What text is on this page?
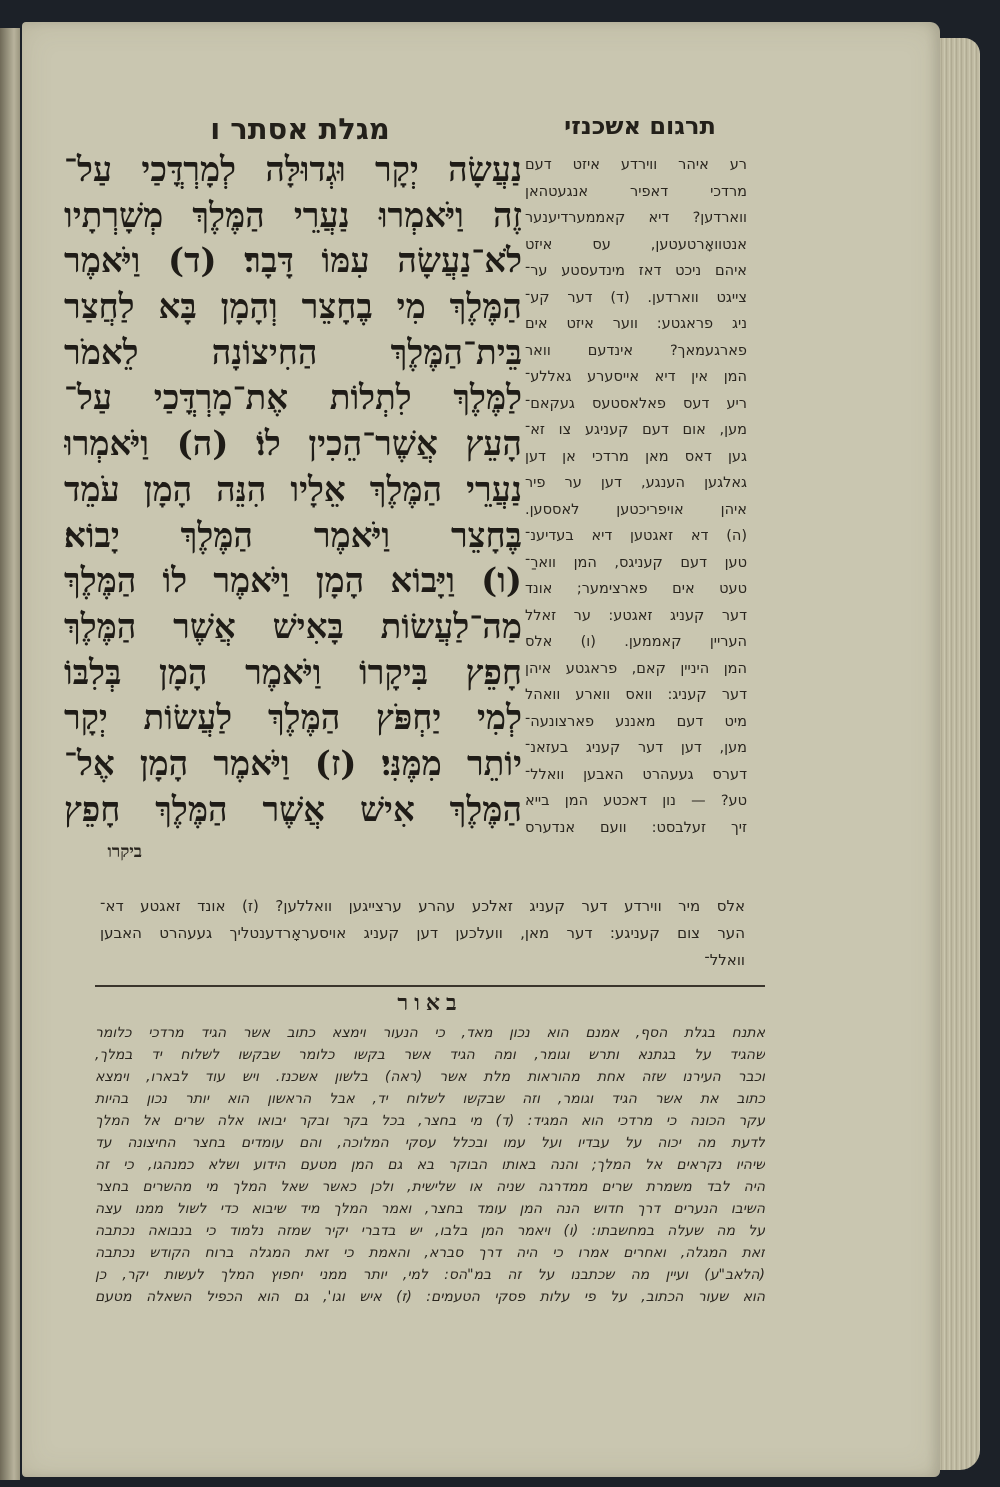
מגלת אסתר ו	תרגום אשכנזי
נַעֲשָׂה יְקָר וּגְדוּלָּה לְמָרְדֳּכַי עַל־
זֶה וַיֹּאמְרוּ נַעֲרֵי הַמֶּלֶךְ מְשָׁרְתָיו
לֹא־נַעֲשָׂה עִמּוֹ דָּבָר׃ (ד) וַיֹּאמֶר
הַמֶּלֶךְ מִי בֶחָצֵר וְהָמָן בָּא לַחֲצַר
בֵּית־הַמֶּלֶךְ הַחִיצוֹנָה לֵאמֹר
לַמֶּלֶךְ לִתְלוֹת אֶת־מָרְדֳּכַי עַל־
הָעֵץ אֲשֶׁר־הֵכִין לוֹ׃ (ה) וַיֹּאמְרוּ
נַעֲרֵי הַמֶּלֶךְ אֵלָיו הִנֵּה הָמָן עֹמֵד
בֶּחָצֵר וַיֹּאמֶר הַמֶּלֶךְ יָבוֹא׃
(ו) וַיָּבוֹא הָמָן וַיֹּאמֶר לוֹ הַמֶּלֶךְ
מַה־לַעֲשׂוֹת בָּאִישׁ אֲשֶׁר הַמֶּלֶךְ
חָפֵץ בִּיקָרוֹ וַיֹּאמֶר הָמָן בְּלִבּוֹ
לְמִי יַחְפֹּץ הַמֶּלֶךְ לַעֲשׂוֹת יְקָר
יוֹתֵר מִמֶּנִּי׃ (ז) וַיֹּאמֶר הָמָן אֶל־
הַמֶּלֶךְ אִישׁ אֲשֶׁר הַמֶּלֶךְ חָפֵץ
ביקרו
רע איהר ווירדע איזט דעם
מרדכי דאפיר אנגעטהאן
ווארדען? דיא קאממערדיענער
אנטוואָרטעטען, עס איזט
איהם ניכט דאז מינדעסטע ער־
צייגט ווארדען. (ד) דער קע־
ניג פראגטע: ווער איזט אים
פארגעמאך? אינדעם וואר
המן אין דיא אייסערע גאללע־
ריע דעס פאלאסטעס געקאם־
מען, אום דעם קעניגע צו זא־
גען דאס מאן מרדכי אן דען
גאלגען הענגע, דען ער פיר
איהן אויפריכטען לאססען.
(ה) דא זאגטען דיא בעדיענ־
טען דעם קעניגס, המן ווארַ־
טעט אים פארצימער; אונד
דער קעניג זאגטע: ער זאלל
העריין קאממען. (ו) אלס
המן היניין קאם, פראגטע איהן
דער קעניג: וואס ווארע וואהל
מיט דעם מאננע פארצונעה־
מען, דען דער קעניג בעזאנ־
דערס געעהרט האבען וואלל־
טע? — נון דאכטע המן בייא
זיך זעלבסט: וועם אנדערס
אלס מיר ווירדע דער קעניג זאלכע עהרע ערצייגען וואללען? (ז) אונד זאגטע דא־
הער צום קעניגע: דער מאן, וועלכען דען קעניג אויסעראָרדענטליך געעהרט האבען
וואלל־
באור
אתנח בגלת הסף, אמנם הוא נכון מאד, כי הנעור וימצא כתוב אשר הגיד מרדכי כלומר
שהגיד על בגתנא ותרש וגומר, ומה הגיד אשר בקשו כלומר שבקשו לשלוח יד במלך,
וכבר העירנו שזה אחת מהוראות מלת אשר (ראה) בלשון אשכנז. ויש עוד לבארו, וימצא
כתוב את אשר הגיד וגומר, וזה שבקשו לשלוח יד, אבל הראשון הוא יותר נכון בהיות
עקר הכונה כי מרדכי הוא המגיד: (ד) מי בחצר, בכל בקר ובקר יבואו אלה שרים אל המלך
לדעת מה יכוה על עבדיו ועל עמו ובכלל עסקי המלוכה, והם עומדים בחצר החיצונה עד
שיהיו נקראים אל המלך; והנה באותו הבוקר בא גם המן מטעם הידוע ושלא כמנהגו, כי זה
היה לבד משמרת שרים ממדרגה שניה או שלישית, ולכן כאשר שאל המלך מי מהשרים בחצר
השיבו הנערים דרך חדוש הנה המן עומד בחצר, ואמר המלך מיד שיבוא כדי לשול ממנו עצה
על מה שעלה במחשבתו: (ו) ויאמר המן בלבו, יש בדברי יקיר שמזה נלמוד כי בנבואה נכתבה
זאת המגלה, ואחרים אמרו כי היה דרך סברא, והאמת כי זאת המגלה ברוח הקודש נכתבה
(הלאב"ע) ועיין מה שכתבנו על זה במ"הס: למי, יותר ממני יחפוץ המלך לעשות יקר, כן
הוא שעור הכתוב, על פי עלות פסקי הטעמים: (ז) איש וגו', גם הוא הכפיל השאלה מטעם
